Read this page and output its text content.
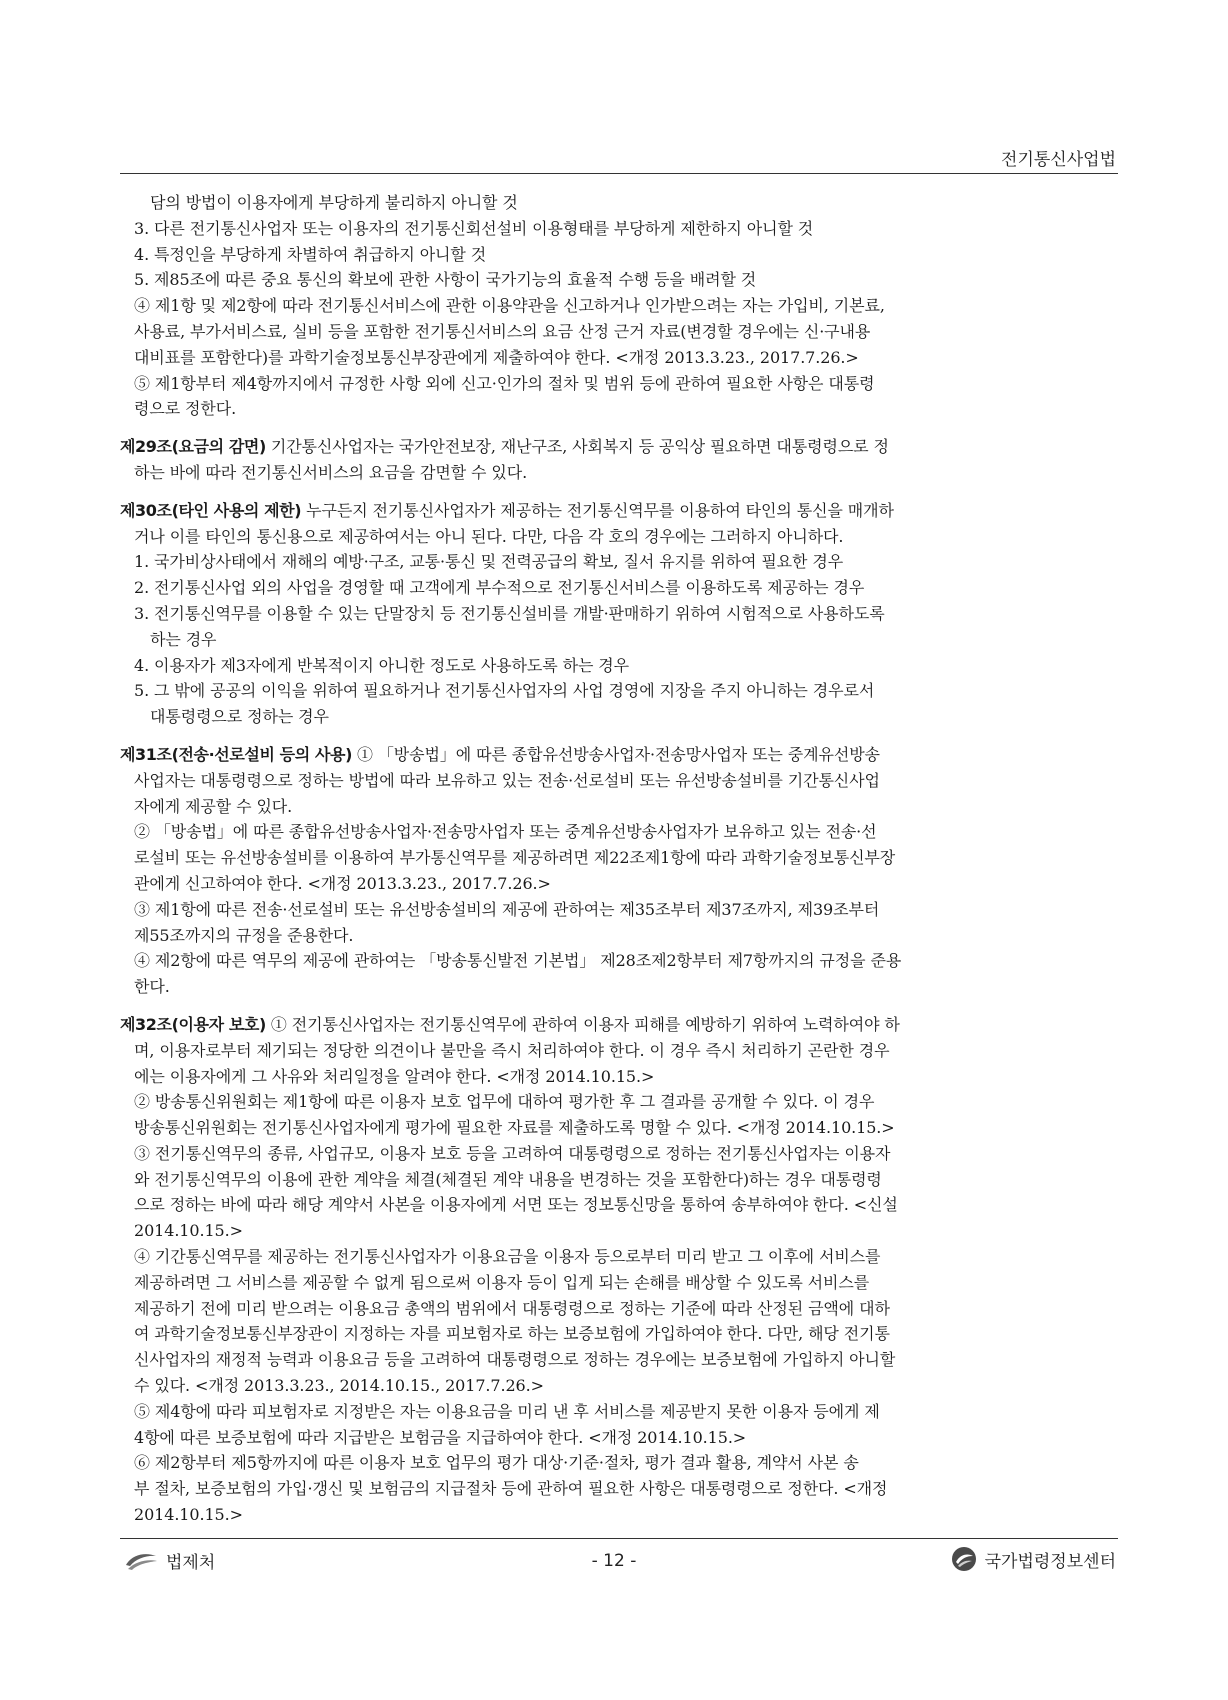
전기통신사업법
담의 방법이 이용자에게 부당하게 불리하지 아니할 것
3. 다른 전기통신사업자 또는 이용자의 전기통신회선설비 이용형태를 부당하게 제한하지 아니할 것
4. 특정인을 부당하게 차별하여 취급하지 아니할 것
5. 제85조에 따른 중요 통신의 확보에 관한 사항이 국가기능의 효율적 수행 등을 배려할 것
④ 제1항 및 제2항에 따라 전기통신서비스에 관한 이용약관을 신고하거나 인가받으려는 자는 가입비, 기본료,
사용료, 부가서비스료, 실비 등을 포함한 전기통신서비스의 요금 산정 근거 자료(변경할 경우에는 신·구내용
대비표를 포함한다)를 과학기술정보통신부장관에게 제출하여야 한다. <개정 2013.3.23., 2017.7.26.>
⑤ 제1항부터 제4항까지에서 규정한 사항 외에 신고·인가의 절차 및 범위 등에 관하여 필요한 사항은 대통령
령으로 정한다.
제29조(요금의 감면) 기간통신사업자는 국가안전보장, 재난구조, 사회복지 등 공익상 필요하면 대통령령으로 정
하는 바에 따라 전기통신서비스의 요금을 감면할 수 있다.
제30조(타인 사용의 제한) 누구든지 전기통신사업자가 제공하는 전기통신역무를 이용하여 타인의 통신을 매개하
거나 이를 타인의 통신용으로 제공하여서는 아니 된다. 다만, 다음 각 호의 경우에는 그러하지 아니하다.
1. 국가비상사태에서 재해의 예방·구조, 교통·통신 및 전력공급의 확보, 질서 유지를 위하여 필요한 경우
2. 전기통신사업 외의 사업을 경영할 때 고객에게 부수적으로 전기통신서비스를 이용하도록 제공하는 경우
3. 전기통신역무를 이용할 수 있는 단말장치 등 전기통신설비를 개발·판매하기 위하여 시험적으로 사용하도록
하는 경우
4. 이용자가 제3자에게 반복적이지 아니한 정도로 사용하도록 하는 경우
5. 그 밖에 공공의 이익을 위하여 필요하거나 전기통신사업자의 사업 경영에 지장을 주지 아니하는 경우로서
대통령령으로 정하는 경우
제31조(전송·선로설비 등의 사용) ① 「방송법」에 따른 종합유선방송사업자·전송망사업자 또는 중계유선방송
사업자는 대통령령으로 정하는 방법에 따라 보유하고 있는 전송·선로설비 또는 유선방송설비를 기간통신사업
자에게 제공할 수 있다.
② 「방송법」에 따른 종합유선방송사업자·전송망사업자 또는 중계유선방송사업자가 보유하고 있는 전송·선
로설비 또는 유선방송설비를 이용하여 부가통신역무를 제공하려면 제22조제1항에 따라 과학기술정보통신부장
관에게 신고하여야 한다. <개정 2013.3.23., 2017.7.26.>
③ 제1항에 따른 전송·선로설비 또는 유선방송설비의 제공에 관하여는 제35조부터 제37조까지, 제39조부터
제55조까지의 규정을 준용한다.
④ 제2항에 따른 역무의 제공에 관하여는 「방송통신발전 기본법」 제28조제2항부터 제7항까지의 규정을 준용
한다.
제32조(이용자 보호) ① 전기통신사업자는 전기통신역무에 관하여 이용자 피해를 예방하기 위하여 노력하여야 하
며, 이용자로부터 제기되는 정당한 의견이나 불만을 즉시 처리하여야 한다. 이 경우 즉시 처리하기 곤란한 경우
에는 이용자에게 그 사유와 처리일정을 알려야 한다. <개정 2014.10.15.>
② 방송통신위원회는 제1항에 따른 이용자 보호 업무에 대하여 평가한 후 그 결과를 공개할 수 있다. 이 경우
방송통신위원회는 전기통신사업자에게 평가에 필요한 자료를 제출하도록 명할 수 있다. <개정 2014.10.15.>
③ 전기통신역무의 종류, 사업규모, 이용자 보호 등을 고려하여 대통령령으로 정하는 전기통신사업자는 이용자
와 전기통신역무의 이용에 관한 계약을 체결(체결된 계약 내용을 변경하는 것을 포함한다)하는 경우 대통령령
으로 정하는 바에 따라 해당 계약서 사본을 이용자에게 서면 또는 정보통신망을 통하여 송부하여야 한다. <신설
2014.10.15.>
④ 기간통신역무를 제공하는 전기통신사업자가 이용요금을 이용자 등으로부터 미리 받고 그 이후에 서비스를
제공하려면 그 서비스를 제공할 수 없게 됨으로써 이용자 등이 입게 되는 손해를 배상할 수 있도록 서비스를
제공하기 전에 미리 받으려는 이용요금 총액의 범위에서 대통령령으로 정하는 기준에 따라 산정된 금액에 대하
여 과학기술정보통신부장관이 지정하는 자를 피보험자로 하는 보증보험에 가입하여야 한다. 다만, 해당 전기통
신사업자의 재정적 능력과 이용요금 등을 고려하여 대통령령으로 정하는 경우에는 보증보험에 가입하지 아니할
수 있다. <개정 2013.3.23., 2014.10.15., 2017.7.26.>
⑤ 제4항에 따라 피보험자로 지정받은 자는 이용요금을 미리 낸 후 서비스를 제공받지 못한 이용자 등에게 제
4항에 따른 보증보험에 따라 지급받은 보험금을 지급하여야 한다. <개정 2014.10.15.>
⑥ 제2항부터 제5항까지에 따른 이용자 보호 업무의 평가 대상·기준·절차, 평가 결과 활용, 계약서 사본 송
부 절차, 보증보험의 가입·갱신 및 보험금의 지급절차 등에 관하여 필요한 사항은 대통령령으로 정한다. <개정
2014.10.15.>
법제처	- 12 -	국가법령정보센터
